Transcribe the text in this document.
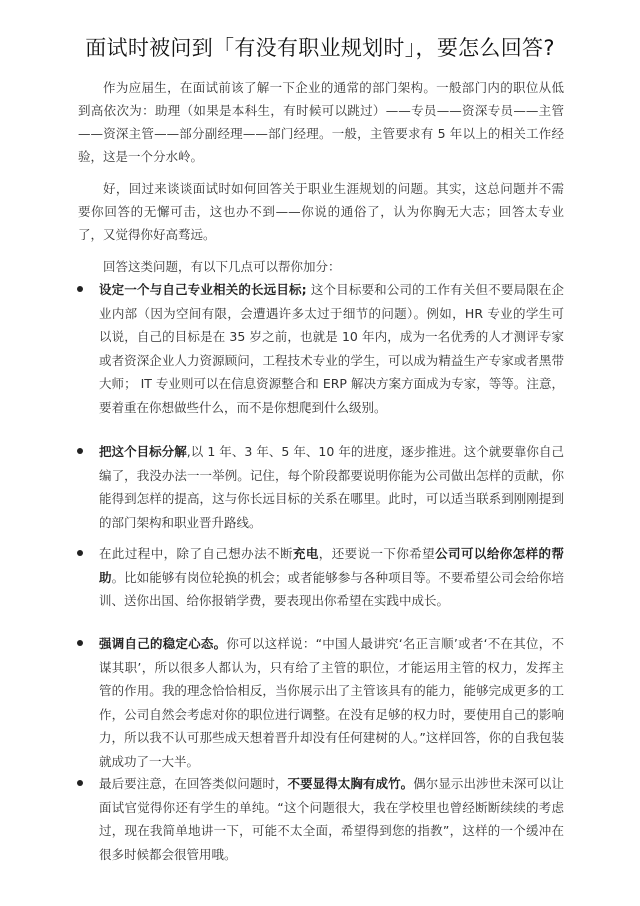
面试时被问到「有没有职业规划时」，要怎么回答?

作为应届生，在面试前该了解一下企业的通常的部门架构。一般部门内的职位从低到高依次为：助理（如果是本科生，有时候可以跳过）——专员——资深专员——主管——资深主管——部分副经理——部门经理。一般，主管要求有 5 年以上的相关工作经验，这是一个分水岭。

好，回过来谈谈面试时如何回答关于职业生涯规划的问题。其实，这总问题并不需要你回答的无懈可击，这也办不到——你说的通俗了，认为你胸无大志；回答太专业了，又觉得你好高骛远。

回答这类问题，有以下几点可以帮你加分：

设定一个与自己专业相关的长远目标; 这个目标要和公司的工作有关但不要局限在企业内部（因为空间有限，会遭遇许多太过于细节的问题）。例如，HR 专业的学生可以说，自己的目标是在 35 岁之前，也就是 10 年内，成为一名优秀的人才测评专家或者资深企业人力资源顾问，工程技术专业的学生，可以成为精益生产专家或者黑带大师； IT 专业则可以在信息资源整合和 ERP 解决方案方面成为专家，等等。注意，要着重在你想做些什么，而不是你想爬到什么级别。
把这个目标分解,以 1 年、3 年、5 年、10 年的进度，逐步推进。这个就要靠你自己编了，我没办法一一举例。记住，每个阶段都要说明你能为公司做出怎样的贡献，你能得到怎样的提高，这与你长远目标的关系在哪里。此时，可以适当联系到刚刚提到的部门架构和职业晋升路线。
在此过程中，除了自己想办法不断充电，还要说一下你希望公司可以给你怎样的帮助。比如能够有岗位轮换的机会；或者能够参与各种项目等。不要希望公司会给你培训、送你出国、给你报销学费，要表现出你希望在实践中成长。
强调自己的稳定心态。你可以这样说：“中国人最讲究‘名正言顺’或者‘不在其位，不谋其职’，所以很多人都认为，只有给了主管的职位，才能运用主管的权力，发挥主管的作用。我的理念恰恰相反，当你展示出了主管该具有的能力，能够完成更多的工作，公司自然会考虑对你的职位进行调整。在没有足够的权力时，要使用自己的影响力，所以我不认可那些成天想着晋升却没有任何建树的人。”这样回答，你的自我包装就成功了一大半。
最后要注意，在回答类似问题时，不要显得太胸有成竹。偶尔显示出涉世未深可以让面试官觉得你还有学生的单纯。“这个问题很大，我在学校里也曾经断断续续的考虑过，现在我简单地讲一下，可能不太全面，希望得到您的指教”，这样的一个缓冲在很多时候都会很管用哦。
